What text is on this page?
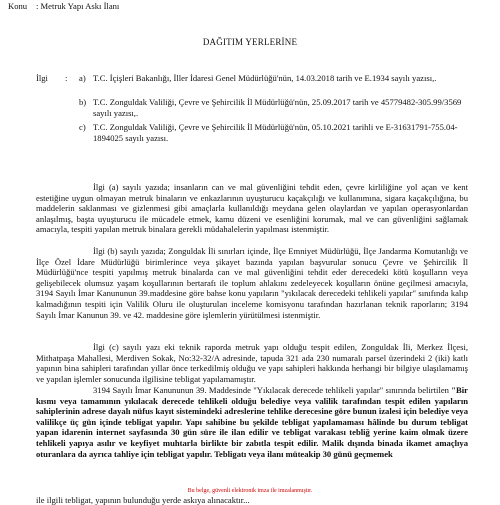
Konu : Metruk Yapı Askı İlanı
DAĞITIM YERLERİNE
İlgi : a) T.C. İçişleri Bakanlığı, İller İdaresi Genel Müdürlüğü'nün, 14.03.2018 tarih ve E.1934 sayılı yazısı,.
b) T.C. Zonguldak Valiliği, Çevre ve Şehircilik İl Müdürlüğü'nün, 25.09.2017 tarih ve 45779482-305.99/3569 sayılı yazısı,.
c) T.C. Zonguldak Valiliği, Çevre ve Şehircilik İl Müdürlüğü'nün, 05.10.2021 tarihli ve E-31631791-755.04-1894025 sayılı yazısı.
İlgi (a) sayılı yazıda; insanların can ve mal güvenliğini tehdit eden, çevre kirliliğine yol açan ve kent estetiğine uygun olmayan metruk binaların ve enkazlarının uyuşturucu kaçakçılığı ve kullanımına, sigara kaçakçılığına, bu maddelerin saklanması ve gizlenmesi gibi amaçlarla kullanıldığı meydana gelen olaylardan ve yapılan operasyonlardan anlaşılmış, başta uyuşturucu ile mücadele etmek, kamu düzeni ve esenliğini korumak, mal ve can güvenliğini sağlamak amacıyla, tespiti yapılan metruk binalara gerekli müdahalelerin yapılması istenmiştir.
İlgi (b) sayılı yazıda; Zonguldak İli sınırları içinde, İlçe Emniyet Müdürlüğü, İlçe Jandarma Komutanlığı ve İlçe Özel İdare Müdürlüğü birimlerince veya şikayet bazında yapılan başvurular sonucu Çevre ve Şehircilik İl Müdürlüğü'nce tespiti yapılmış metruk binalarda can ve mal güvenliğini tehdit eder derecedeki kötü koşulların veya gelişebilecek olumsuz yaşam koşullarının bertarafı ile toplum ahlakını zedeleyecek koşulların önüne geçilmesi amacıyla, 3194 Sayılı İmar Kanununun 39.maddesine göre bahse konu yapıların "yıkılacak derecedeki tehlikeli yapılar" sınıfında kalıp kalmadığının tespiti için Valilik Oluru ile oluşturulan inceleme komisyonu tarafından hazırlanan teknik raporların; 3194 Sayılı İmar Kanunun 39. ve 42. maddesine göre işlemlerin yürütülmesi istenmiştir.
İlgi (c) sayılı yazı eki teknik raporda metruk yapı olduğu tespit edilen, Zonguldak İli, Merkez İlçesi, Mithatpaşa Mahallesi, Merdiven Sokak, No:32-32/A adresinde, tapuda 321 ada 230 numaralı parsel üzerindeki 2 (iki) katlı yapının bina sahipleri tarafından yıllar önce terkedilmiş olduğu ve yapı sahipleri hakkında herhangi bir bilgiye ulaşılamamış ve yapılan işlemler sonucunda ilgilisine tebligat yapılamamıştır.
3194 Sayılı İmar Kanununun 39. Maddesinde "Yıkılacak derecede tehlikeli yapılar" sınırında belirtilen "Bir kısmı veya tamamının yıkılacak derecede tehlikeli olduğu belediye veya valilik tarafından tespit edilen yapıların sahiplerinin adrese dayalı nüfus kayıt sistemindeki adreslerine tehlike derecesine göre bunun izalesi için belediye veya valilikçe üç gün içinde tebligat yapılır. Yapı sahibine bu şekilde tebligat yapılamaması hâlinde bu durum tebligat yapan idarenin internet sayfasında 30 gün süre ile ilan edilir ve tebligat varakası tebliğ yerine kaim olmak üzere tehlikeli yapıya asılır ve keyfiyet muhtarla birlikte bir zabıtla tespit edilir. Malik dışında binada ikamet amaçlıya oturanlara da ayrıca tahliye için tebligat yapılır. Tebligatı veya ilanı müteakip 30 günü geçmemek
Bu belge, güvenli elektronik imza ile imzalanmıştır.
ile ilgili tebligat, yapının bulunduğu yerde askıya alınacaktır...
